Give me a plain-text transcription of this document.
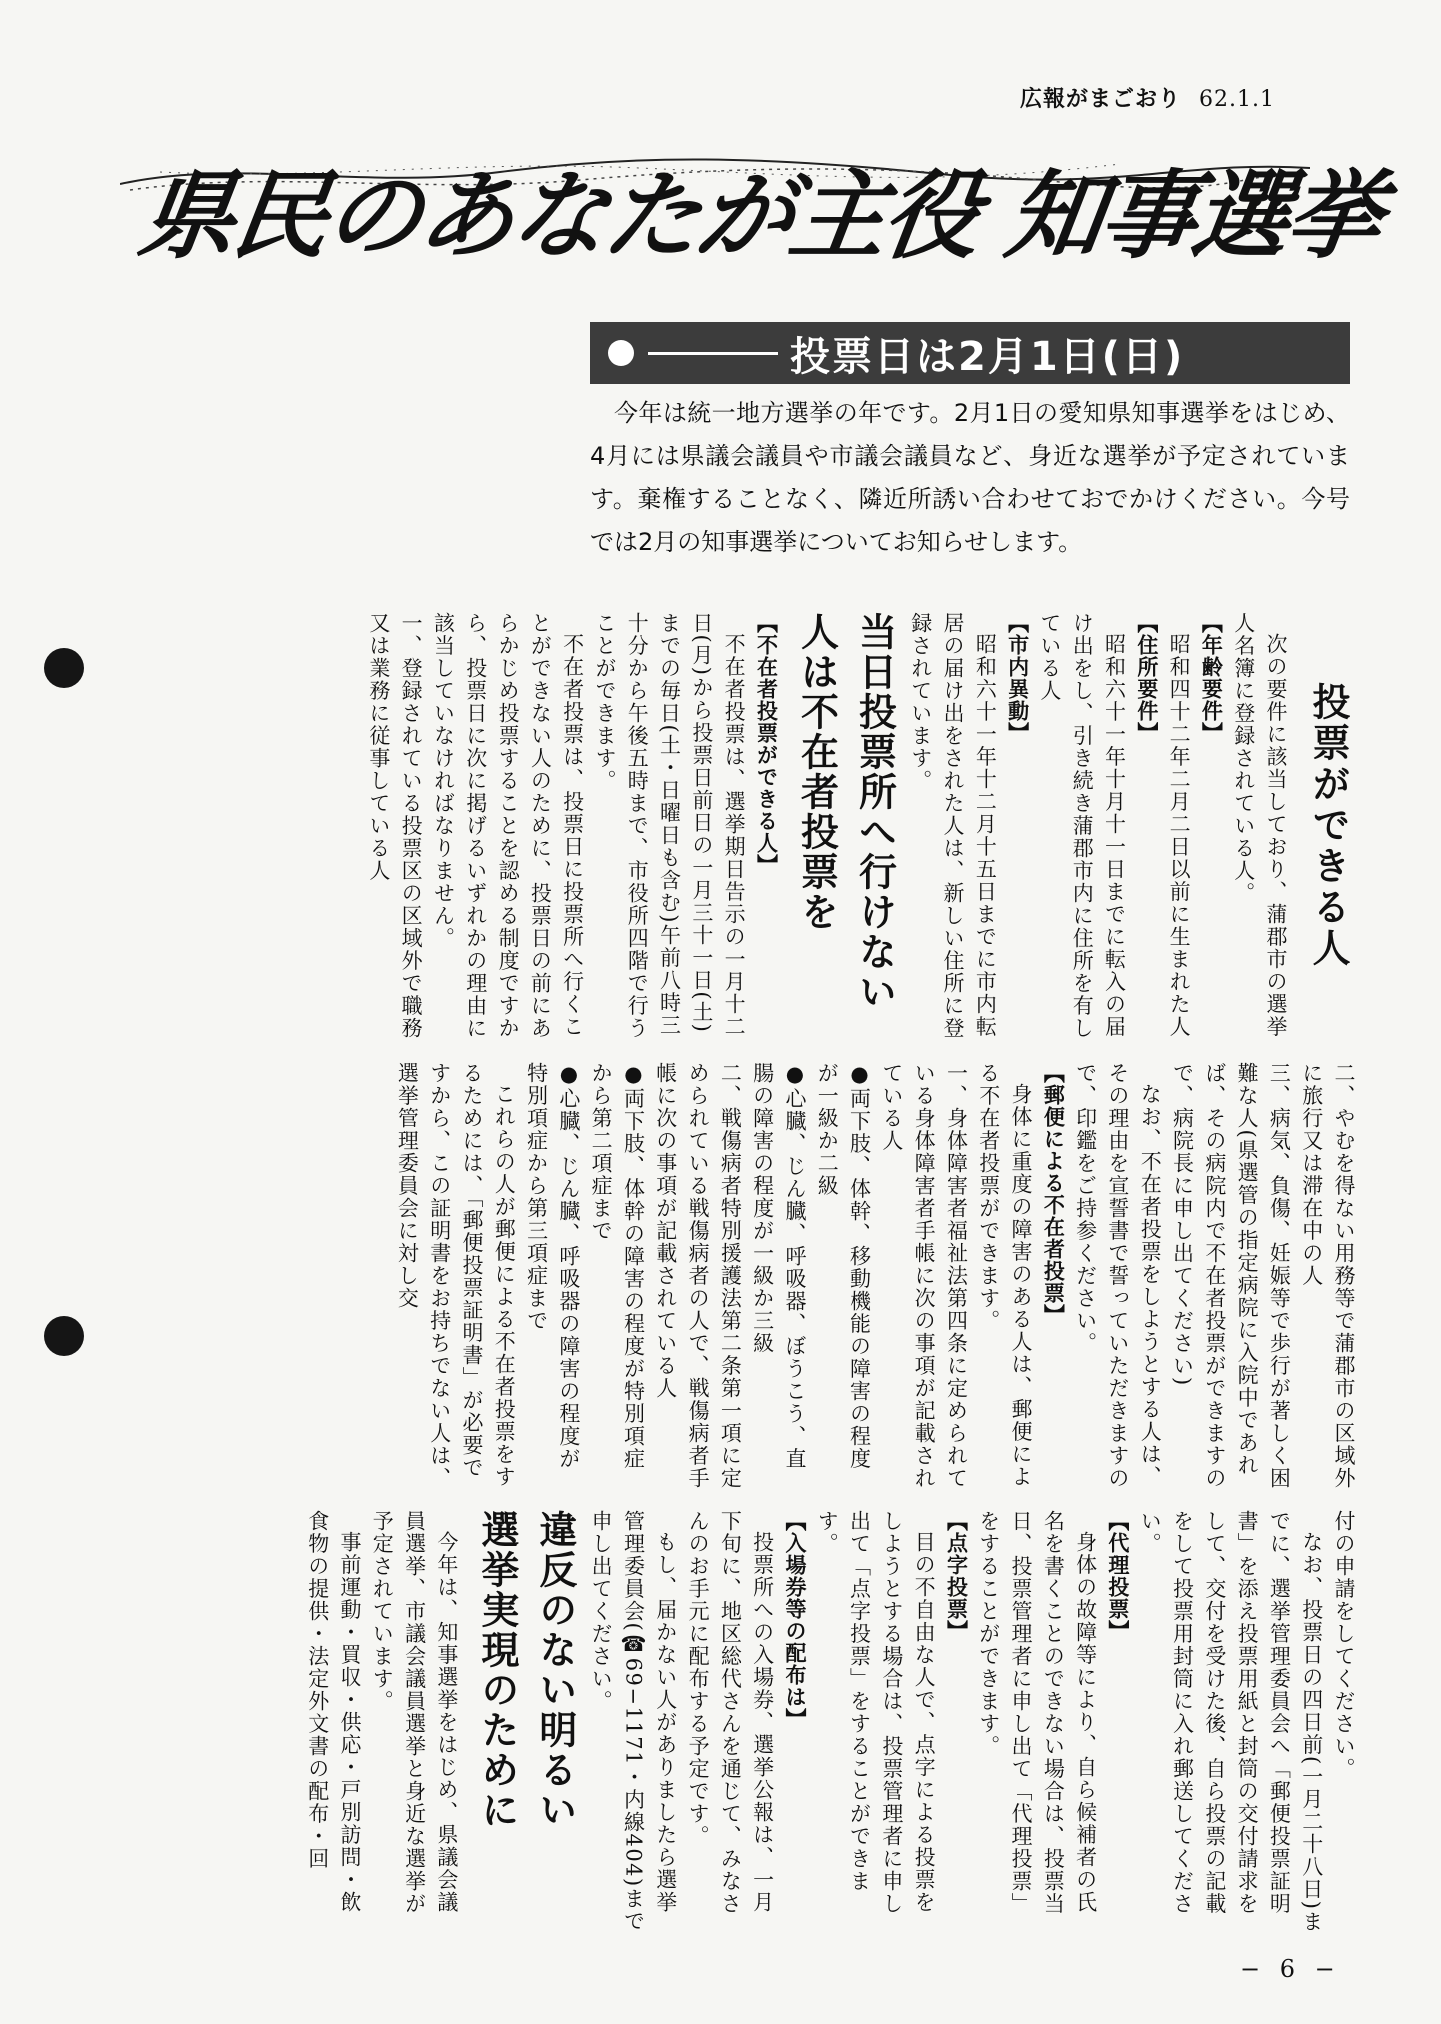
広報がまごおり 62.1.1
県民のあなたが主役 知事選挙
投票日は2月1日(日)

今年は統一地方選挙の年です。2月1日の愛知県知事選挙をはじめ、4月には県議会議員や市議会議員など、身近な選挙が予定されています。棄権することなく、隣近所誘い合わせておでかけください。今号では2月の知事選挙についてお知らせします。

投票ができる人

次の要件に該当しており、蒲郡市の選挙人名簿に登録されている人。

【年齢要件】

昭和四十二年二月二日以前に生まれた人

【住所要件】

昭和六十一年十月十一日までに転入の届け出をし、引き続き蒲郡市内に住所を有している人

【市内異動】

昭和六十一年十二月十五日までに市内転居の届け出をされた人は、新しい住所に登録されています。

当日投票所へ行けない

人は不在者投票を

【不在者投票ができる人】

不在者投票は、選挙期日告示の一月十二日(月)から投票日前日の一月三十一日(土)までの毎日(土・日曜日も含む)午前八時三十分から午後五時まで、市役所四階で行うことができます。

不在者投票は、投票日に投票所へ行くことができない人のために、投票日の前にあらかじめ投票することを認める制度ですから、投票日に次に掲げるいずれかの理由に該当していなければなりません。

一、登録されている投票区の区域外で職務又は業務に従事している人

二、やむを得ない用務等で蒲郡市の区域外に旅行又は滞在中の人

三、病気、負傷、妊娠等で歩行が著しく困難な人(県選管の指定病院に入院中であれば、その病院内で不在者投票ができますので、病院長に申し出てください)

なお、不在者投票をしようとする人は、その理由を宣誓書で誓っていただきますので、印鑑をご持参ください。

【郵便による不在者投票】

身体に重度の障害のある人は、郵便による不在者投票ができます。

一、身体障害者福祉法第四条に定められている身体障害者手帳に次の事項が記載されている人

●両下肢、体幹、移動機能の障害の程度が一級か二級

●心臓、じん臓、呼吸器、ぼうこう、直腸の障害の程度が一級か三級

二、戦傷病者特別援護法第二条第一項に定められている戦傷病者の人で、戦傷病者手帳に次の事項が記載されている人

●両下肢、体幹の障害の程度が特別項症から第二項症まで

●心臓、じん臓、呼吸器の障害の程度が特別項症から第三項症まで

これらの人が郵便による不在者投票をするためには、「郵便投票証明書」が必要ですから、この証明書をお持ちでない人は、選挙管理委員会に対し交

付の申請をしてください。

なお、投票日の四日前(一月二十八日)までに、選挙管理委員会へ「郵便投票証明書」を添え投票用紙と封筒の交付請求をして、交付を受けた後、自ら投票の記載をして投票用封筒に入れ郵送してください。

【代理投票】

身体の故障等により、自ら候補者の氏名を書くことのできない場合は、投票当日、投票管理者に申し出て「代理投票」をすることができます。

【点字投票】

目の不自由な人で、点字による投票をしようとする場合は、投票管理者に申し出て「点字投票」をすることができます。

【入場券等の配布は】

投票所への入場券、選挙公報は、一月下旬に、地区総代さんを通じて、みなさんのお手元に配布する予定です。

もし、届かない人がありましたら選挙管理委員会(☎69−1171・内線404)まで申し出てください。

違反のない明るい

選挙実現のために

今年は、知事選挙をはじめ、県議会議員選挙、市議会議員選挙と身近な選挙が予定されています。

事前運動・買収・供応・戸別訪問・飲食物の提供・法定外文書の配布・回

− 6 −
